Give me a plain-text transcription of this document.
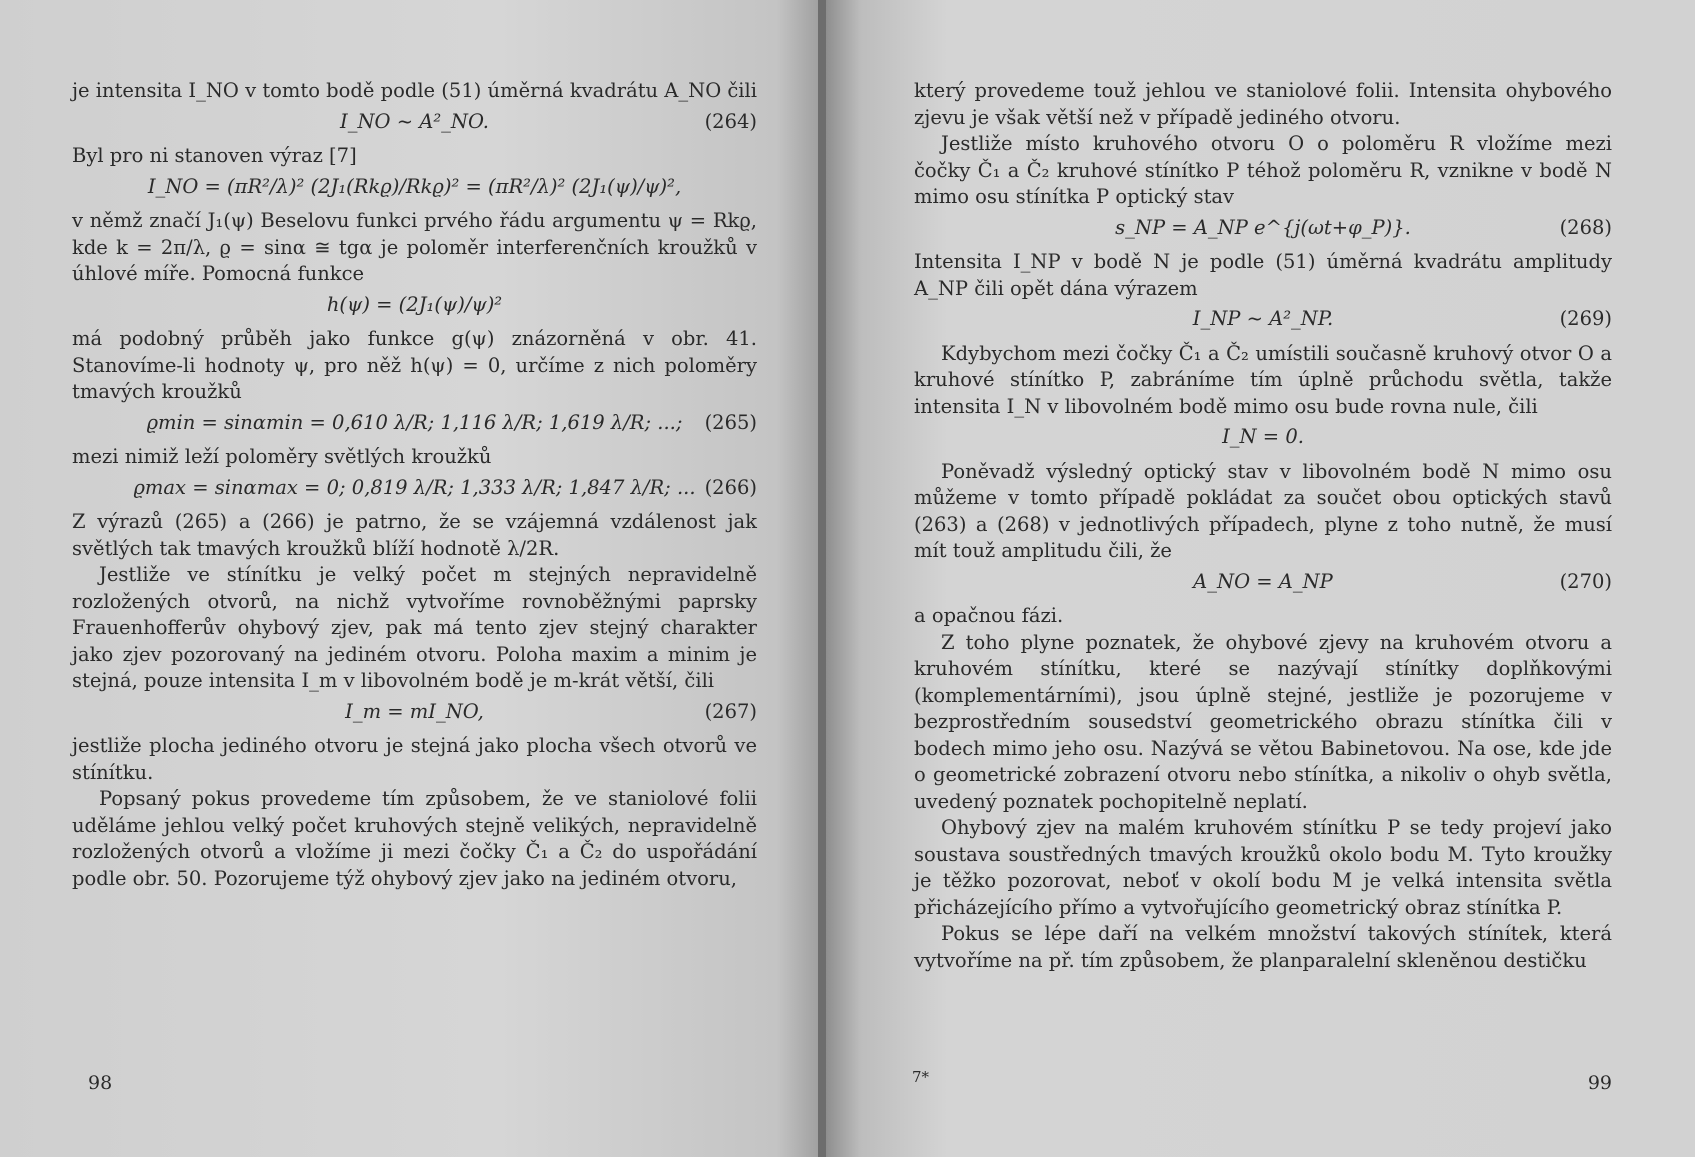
je intensita I_NO v tomto bodě podle (51) úměrná kvadrátu A_NO čili

I_NO ~ A²_NO.	(264)

Byl pro ni stanoven výraz [7]

I_NO = (πR²/λ)² (2J₁(Rkϱ)/Rkϱ)² = (πR²/λ)² (2J₁(ψ)/ψ)²,

v němž značí J₁(ψ) Beselovu funkci prvého řádu argumentu ψ = Rkϱ, kde k = 2π/λ, ϱ = sinα ≅ tgα je poloměr interferenčních kroužků v úhlové míře. Pomocná funkce

h(ψ) = (2J₁(ψ)/ψ)²

má podobný průběh jako funkce g(ψ) znázorněná v obr. 41. Stanovíme-li hodnoty ψ, pro něž h(ψ) = 0, určíme z nich poloměry tmavých kroužků

ϱmin = sinαmin = 0,610 λ/R; 1,116 λ/R; 1,619 λ/R; ...; (265)

mezi nimiž leží poloměry světlých kroužků

ϱmax = sinαmax = 0; 0,819 λ/R; 1,333 λ/R; 1,847 λ/R; ... (266)

Z výrazů (265) a (266) je patrno, že se vzájemná vzdálenost jak světlých tak tmavých kroužků blíží hodnotě λ/2R.

Jestliže ve stínítku je velký počet m stejných nepravidelně rozložených otvorů, na nichž vytvoříme rovnoběžnými paprsky Frauenhofferův ohybový zjev, pak má tento zjev stejný charakter jako zjev pozorovaný na jediném otvoru. Poloha maxim a minim je stejná, pouze intensita I_m v libovolném bodě je m-krát větší, čili

I_m = mI_NO,	(267)

jestliže plocha jediného otvoru je stejná jako plocha všech otvorů ve stínítku.

Popsaný pokus provedeme tím způsobem, že ve staniolové folii uděláme jehlou velký počet kruhových stejně velikých, nepravidelně rozložených otvorů a vložíme ji mezi čočky Č₁ a Č₂ do uspořádání podle obr. 50. Pozorujeme týž ohybový zjev jako na jediném otvoru,

98

který provedeme touž jehlou ve staniolové folii. Intensita ohybového zjevu je však větší než v případě jediného otvoru.

Jestliže místo kruhového otvoru O o poloměru R vložíme mezi čočky Č₁ a Č₂ kruhové stínítko P téhož poloměru R, vznikne v bodě N mimo osu stínítka P optický stav

s_NP = A_NP e^{j(ωt+φ_P)}.	(268)

Intensita I_NP v bodě N je podle (51) úměrná kvadrátu amplitudy A_NP čili opět dána výrazem

I_NP ~ A²_NP.	(269)

Kdybychom mezi čočky Č₁ a Č₂ umístili současně kruhový otvor O a kruhové stínítko P, zabráníme tím úplně průchodu světla, takže intensita I_N v libovolném bodě mimo osu bude rovna nule, čili

I_N = 0.

Poněvadž výsledný optický stav v libovolném bodě N mimo osu můžeme v tomto případě pokládat za součet obou optických stavů (263) a (268) v jednotlivých případech, plyne z toho nutně, že musí mít touž amplitudu čili, že

A_NO = A_NP	(270)

a opačnou fázi.

Z toho plyne poznatek, že ohybové zjevy na kruhovém otvoru a kruhovém stínítku, které se nazývají stínítky doplňkovými (komplementárními), jsou úplně stejné, jestliže je pozorujeme v bezprostředním sousedství geometrického obrazu stínítka čili v bodech mimo jeho osu. Nazývá se větou Babinetovou. Na ose, kde jde o geometrické zobrazení otvoru nebo stínítka, a nikoliv o ohyb světla, uvedený poznatek pochopitelně neplatí.

Ohybový zjev na malém kruhovém stínítku P se tedy projeví jako soustava soustředných tmavých kroužků okolo bodu M. Tyto kroužky je těžko pozorovat, neboť v okolí bodu M je velká intensita světla přicházejícího přímo a vytvořujícího geometrický obraz stínítka P.

Pokus se lépe daří na velkém množství takových stínítek, která vytvoříme na př. tím způsobem, že planparalelní skleněnou destičku

7*	99
